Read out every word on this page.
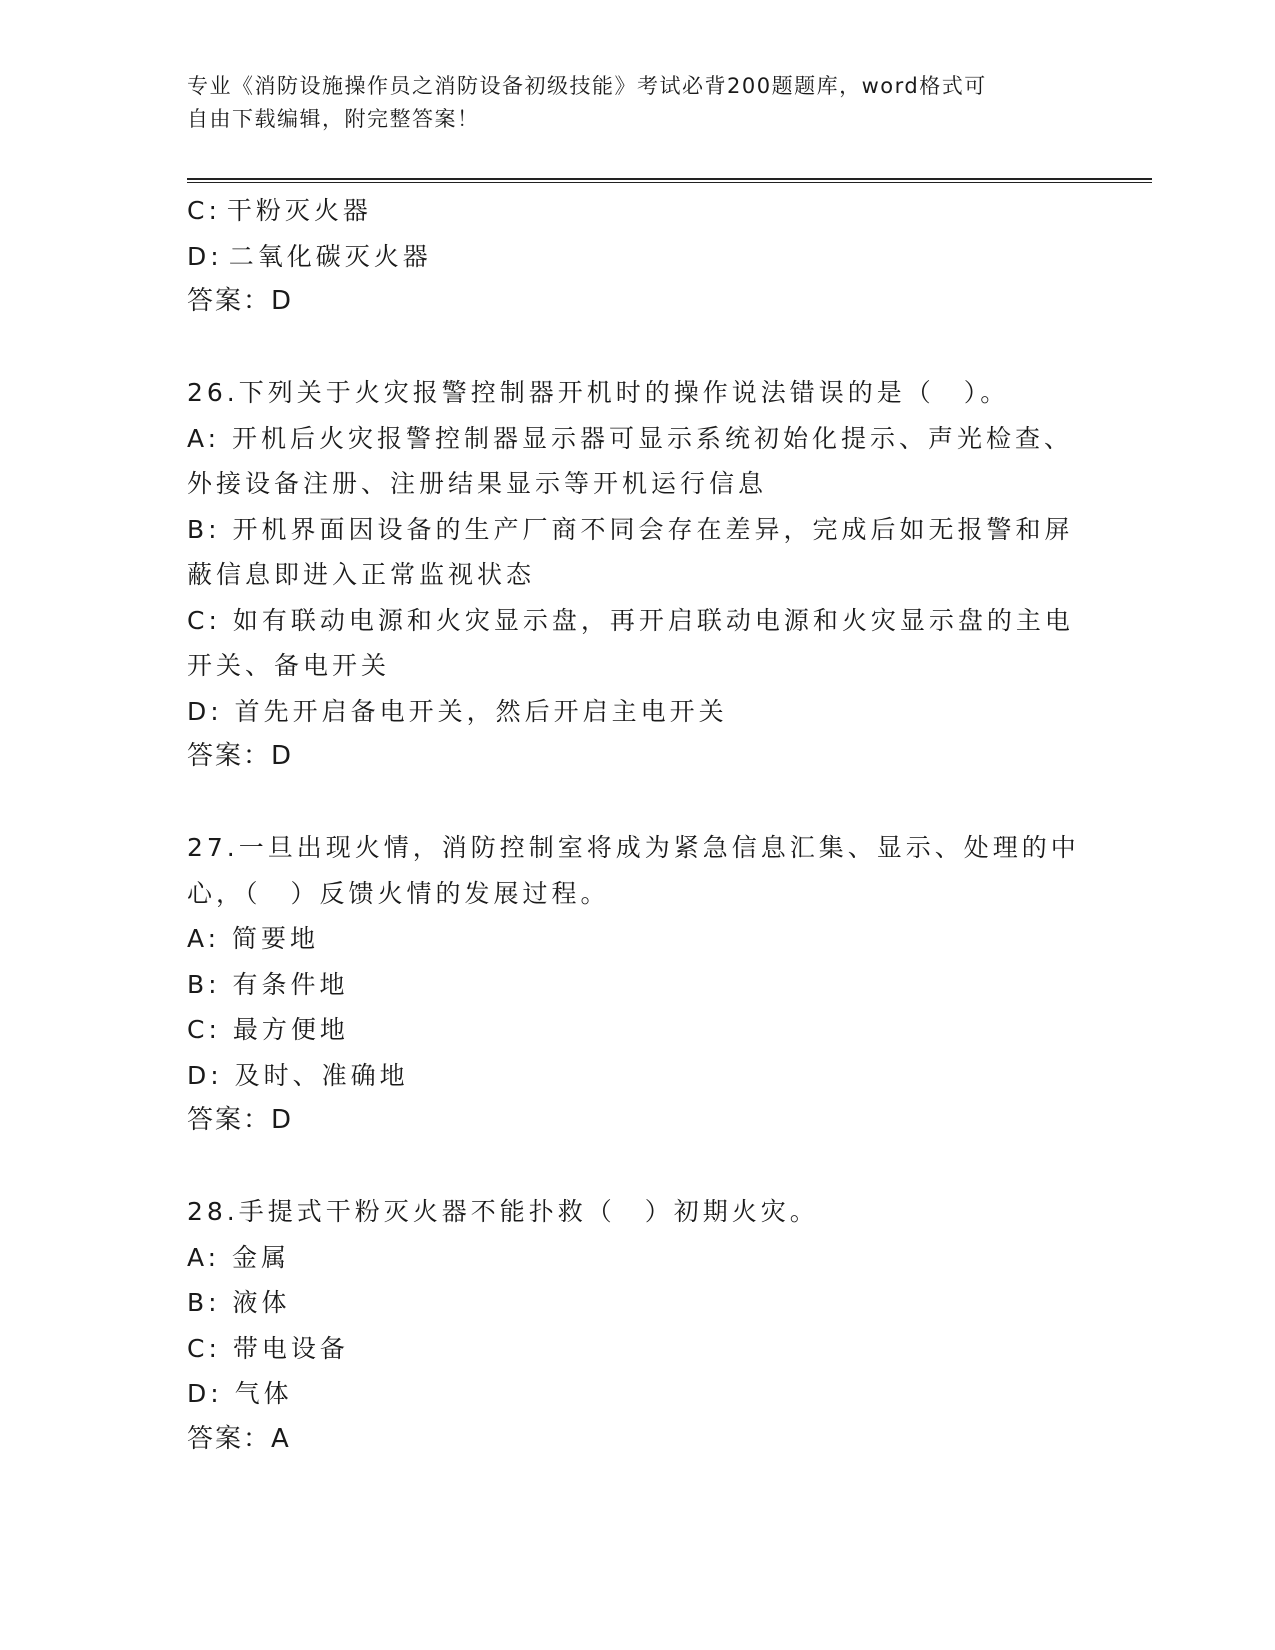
专业《消防设施操作员之消防设备初级技能》考试必背200题题库，word格式可
自由下载编辑，附完整答案！
C: 干粉灭火器
D: 二氧化碳灭火器
答案：D
26.下列关于火灾报警控制器开机时的操作说法错误的是（　）。
A: 开机后火灾报警控制器显示器可显示系统初始化提示、声光检查、
外接设备注册、注册结果显示等开机运行信息
B: 开机界面因设备的生产厂商不同会存在差异，完成后如无报警和屏
蔽信息即进入正常监视状态
C: 如有联动电源和火灾显示盘，再开启联动电源和火灾显示盘的主电
开关、备电开关
D: 首先开启备电开关，然后开启主电开关
答案：D
27.一旦出现火情，消防控制室将成为紧急信息汇集、显示、处理的中
心，（　）反馈火情的发展过程。
A: 简要地
B: 有条件地
C: 最方便地
D: 及时、准确地
答案：D
28.手提式干粉灭火器不能扑救（　）初期火灾。
A: 金属
B: 液体
C: 带电设备
D: 气体
答案：A
